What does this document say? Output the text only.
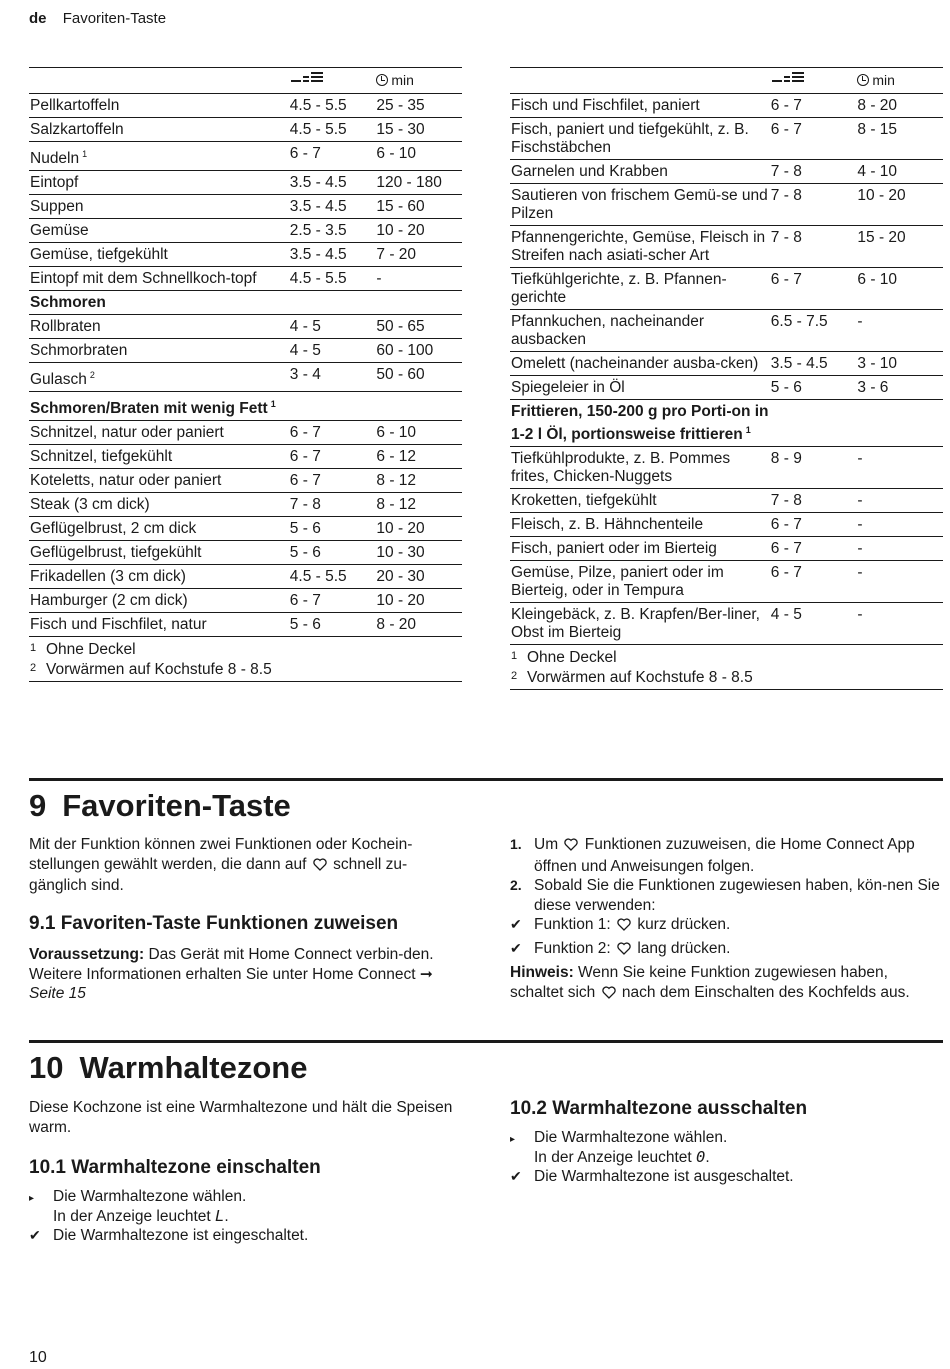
de Favoriten-Taste

min

Pellkartoffeln	4.5 - 5.5	25 - 35
Salzkartoffeln	4.5 - 5.5	15 - 30
Nudeln $^1$	6 - 7	6 - 10
Eintopf	3.5 - 4.5	120 - 180
Suppen	3.5 - 4.5	15 - 60
Gemüse	2.5 - 3.5	10 - 20
Gemüse, tiefgekühlt	3.5 - 4.5	7 - 20
Eintopf mit dem Schnellkoch-topf	4.5 - 5.5	-
Schmoren		
Rollbraten	4 - 5	50 - 65
Schmorbraten	4 - 5	60 - 100
Gulasch $^2$	3 - 4	50 - 60
Schmoren/Braten mit wenig Fett $^1$		
Schnitzel, natur oder paniert	6 - 7	6 - 10
Schnitzel, tiefgekühlt	6 - 7	6 - 12
Koteletts, natur oder paniert	6 - 7	8 - 12
Steak (3 cm dick)	7 - 8	8 - 12
Geflügelbrust, 2 cm dick	5 - 6	10 - 20
Geflügelbrust, tiefgekühlt	5 - 6	10 - 30
Frikadellen (3 cm dick)	4.5 - 5.5	20 - 30
Hamburger (2 cm dick)	6 - 7	10 - 20
Fisch und Fischfilet, natur	5 - 6	8 - 20

1 Ohne Deckel
2 Vorwärmen auf Kochstufe 8 - 8.5		

min

Fisch und Fischfilet, paniert	6 - 7	8 - 20
Fisch, paniert und tiefgekühlt, z. B. Fischstäbchen	6 - 7	8 - 15
Garnelen und Krabben	7 - 8	4 - 10
Sautieren von frischem Gemü-se und Pilzen	7 - 8	10 - 20
Pfannengerichte, Gemüse, Fleisch in Streifen nach asiati-scher Art	7 - 8	15 - 20
Tiefkühlgerichte, z. B. Pfannen-gerichte	6 - 7	6 - 10
Pfannkuchen, nacheinander ausbacken	6.5 - 7.5	-
Omelett (nacheinander ausba-cken)	3.5 - 4.5	3 - 10
Spiegeleier in Öl	5 - 6	3 - 6
Frittieren, 150-200 g pro Porti-on in 1-2 l Öl, portionsweise frittieren $^1$		
Tiefkühlprodukte, z. B. Pommes frites, Chicken-Nuggets	8 - 9	-
Kroketten, tiefgekühlt	7 - 8	-
Fleisch, z. B. Hähnchenteile	6 - 7	-
Fisch, paniert oder im Bierteig	6 - 7	-
Gemüse, Pilze, paniert oder im Bierteig, oder in Tempura	6 - 7	-
Kleingebäck, z. B. Krapfen/Ber-liner, Obst im Bierteig	4 - 5	-

1 Ohne Deckel
2 Vorwärmen auf Kochstufe 8 - 8.5		
9 Favoriten-Taste
Mit der Funktion können zwei Funktionen oder Kochein-stellungen gewählt werden, die dann auf schnell zu-gänglich sind.
9.1 Favoriten-Taste Funktionen zuweisen
Voraussetzung: Das Gerät mit Home Connect verbin-den. Weitere Informationen erhalten Sie unter Home Connect ➞ Seite 15
1. Um Funktionen zuzuweisen, die Home Connect App öffnen und Anweisungen folgen.
2. Sobald Sie die Funktionen zugewiesen haben, kön-nen Sie diese verwenden:
✔ Funktion 1: kurz drücken.
✔ Funktion 2: lang drücken.
Hinweis: Wenn Sie keine Funktion zugewiesen haben, schaltet sich nach dem Einschalten des Kochfelds aus.
10 Warmhaltezone
Diese Kochzone ist eine Warmhaltezone und hält die Speisen warm.
10.1 Warmhaltezone einschalten
▸	Die Warmhaltezone wählen.
In der Anzeige leuchtet L.
✔ Die Warmhaltezone ist eingeschaltet.
10.2 Warmhaltezone ausschalten
▸	Die Warmhaltezone wählen.
In der Anzeige leuchtet 0.
✔ Die Warmhaltezone ist ausgeschaltet.
10
